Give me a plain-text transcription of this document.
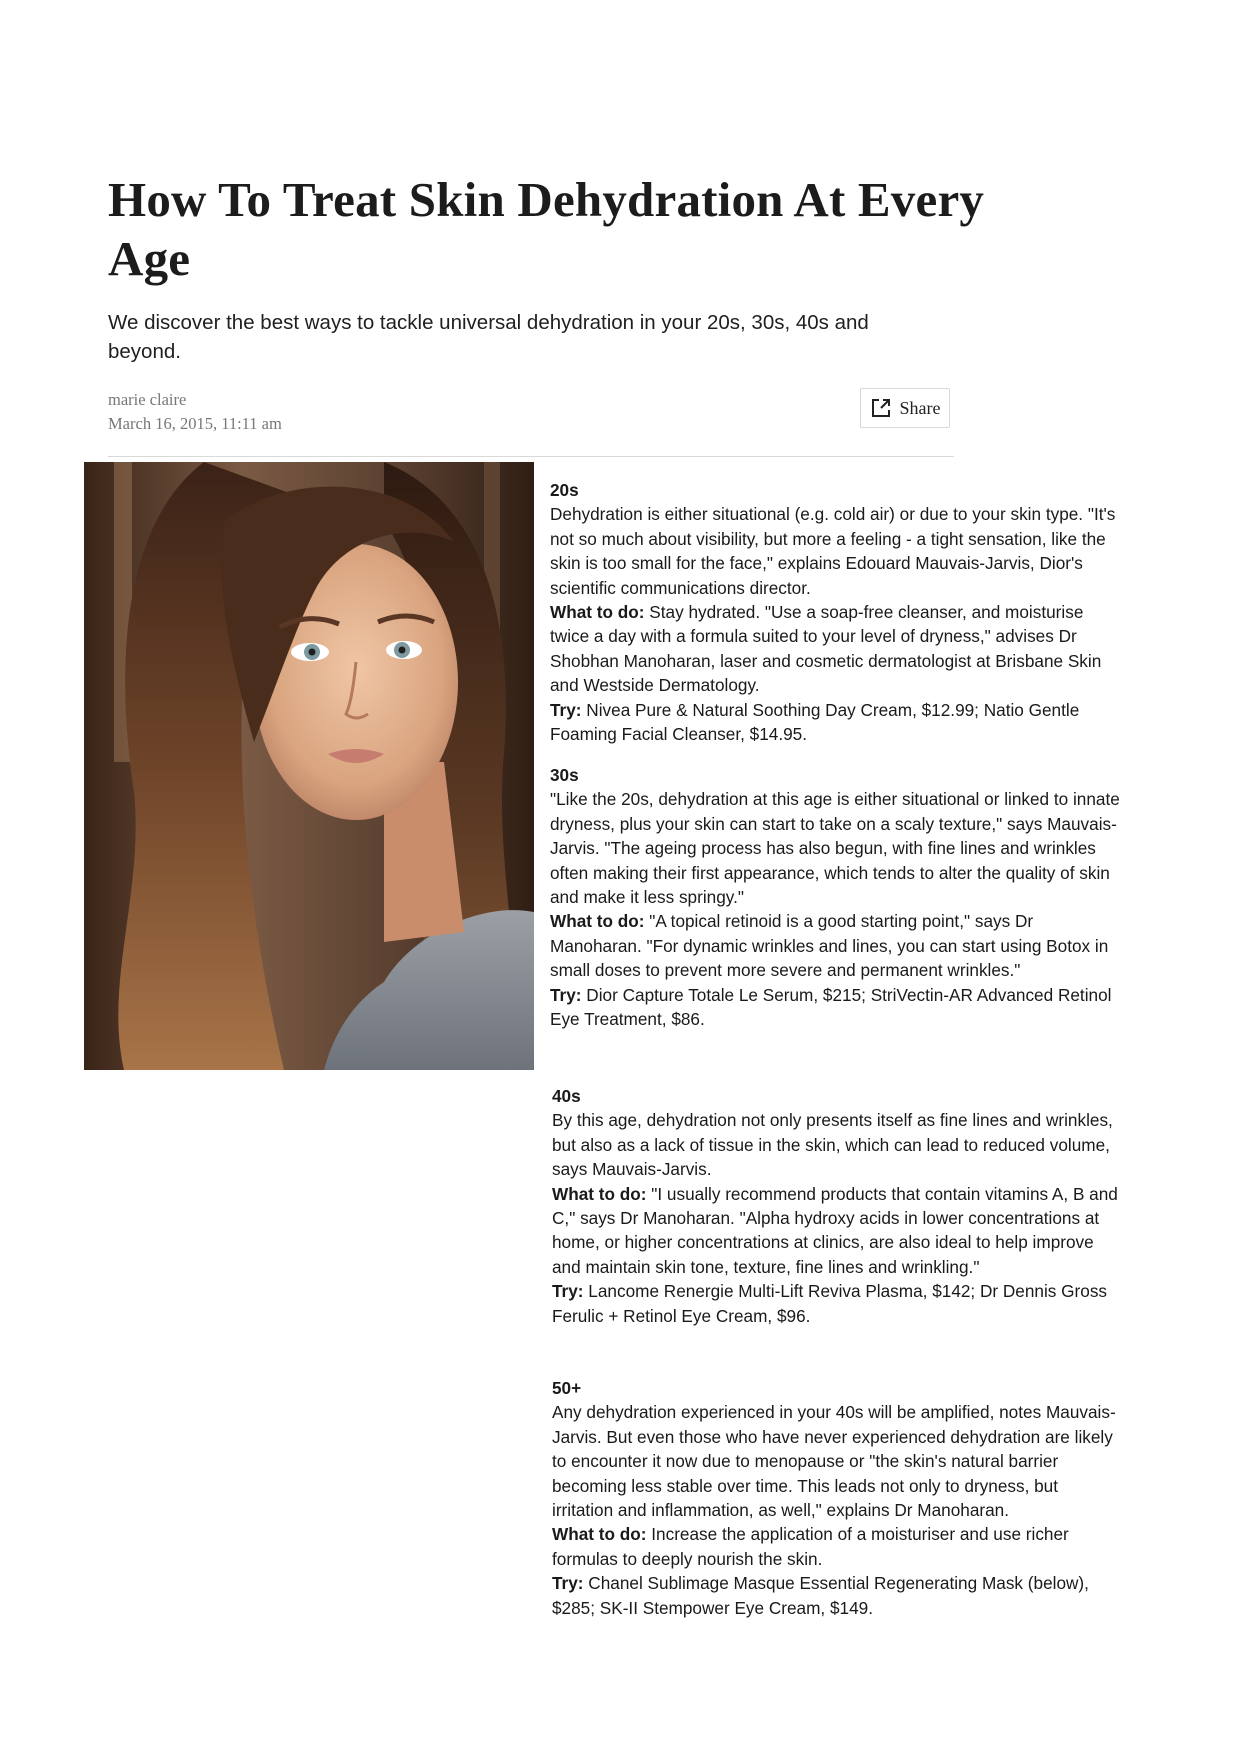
How To Treat Skin Dehydration At Every Age

We discover the best ways to tackle universal dehydration in your 20s, 30s, 40s and beyond.

marie claire
March 16, 2015, 11:11 am
Share
20s

Dehydration is either situational (e.g. cold air) or due to your skin type. "It's not so much about visibility, but more a feeling - a tight sensation, like the skin is too small for the face," explains Edouard Mauvais-Jarvis, Dior's scientific communications director.

What to do: Stay hydrated. "Use a soap-free cleanser, and moisturise twice a day with a formula suited to your level of dryness," advises Dr Shobhan Manoharan, laser and cosmetic dermatologist at Brisbane Skin and Westside Dermatology.

Try: Nivea Pure & Natural Soothing Day Cream, $12.99; Natio Gentle Foaming Facial Cleanser, $14.95.

30s

"Like the 20s, dehydration at this age is either situational or linked to innate dryness, plus your skin can start to take on a scaly texture," says Mauvais-Jarvis. "The ageing process has also begun, with fine lines and wrinkles often making their first appearance, which tends to alter the quality of skin and make it less springy."

What to do: "A topical retinoid is a good starting point," says Dr Manoharan. "For dynamic wrinkles and lines, you can start using Botox in small doses to prevent more severe and permanent wrinkles."

Try: Dior Capture Totale Le Serum, $215; StriVectin-AR Advanced Retinol Eye Treatment, $86.

40s

By this age, dehydration not only presents itself as fine lines and wrinkles, but also as a lack of tissue in the skin, which can lead to reduced volume, says Mauvais-Jarvis.

What to do: "I usually recommend products that contain vitamins A, B and C," says Dr Manoharan. "Alpha hydroxy acids in lower concentrations at home, or higher concentrations at clinics, are also ideal to help improve and maintain skin tone, texture, fine lines and wrinkling."

Try: Lancome Renergie Multi-Lift Reviva Plasma, $142; Dr Dennis Gross Ferulic + Retinol Eye Cream, $96.

50+

Any dehydration experienced in your 40s will be amplified, notes Mauvais-Jarvis. But even those who have never experienced dehydration are likely to encounter it now due to menopause or "the skin's natural barrier becoming less stable over time. This leads not only to dryness, but irritation and inflammation, as well," explains Dr Manoharan.

What to do: Increase the application of a moisturiser and use richer formulas to deeply nourish the skin.

Try: Chanel Sublimage Masque Essential Regenerating Mask (below), $285; SK-II Stempower Eye Cream, $149.
